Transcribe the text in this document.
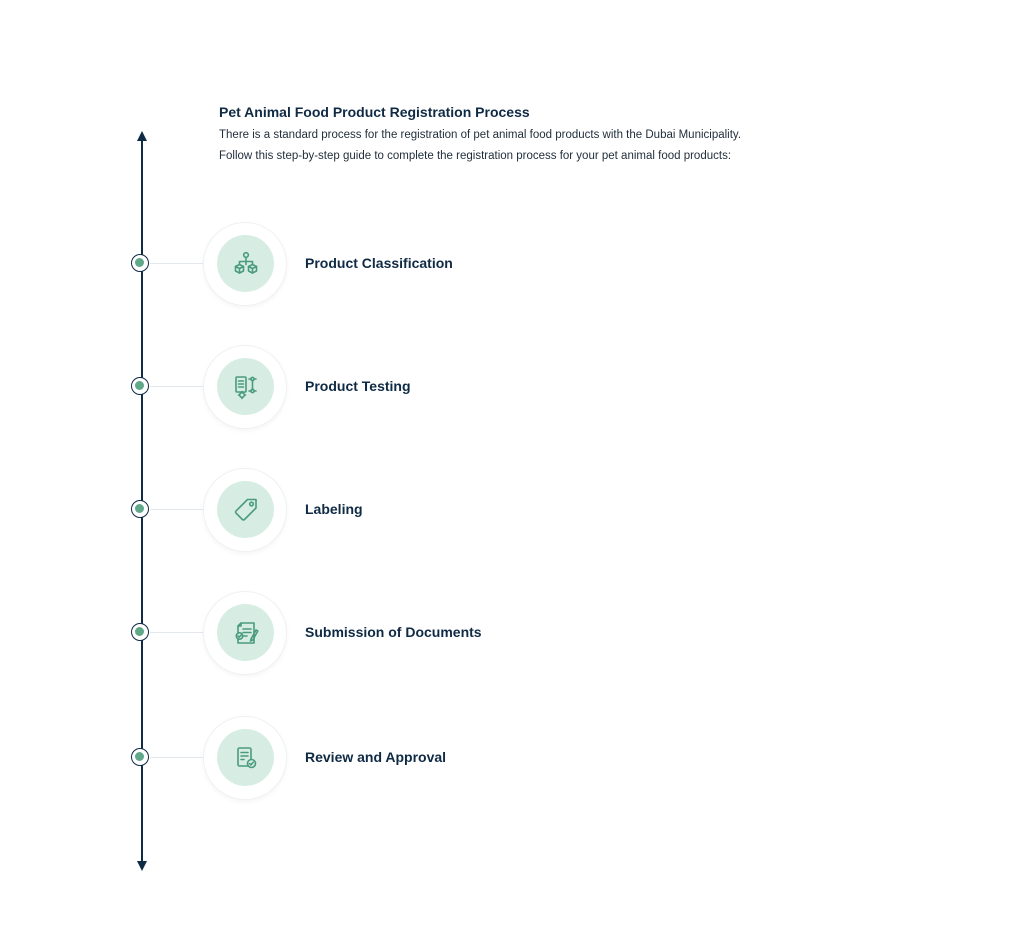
Pet Animal Food Product Registration Process

There is a standard process for the registration of pet animal food products with the Dubai Municipality.

Follow this step-by-step guide to complete the registration process for your pet animal food products:

Product Classification
Product Testing
Labeling
Submission of Documents
Review and Approval
